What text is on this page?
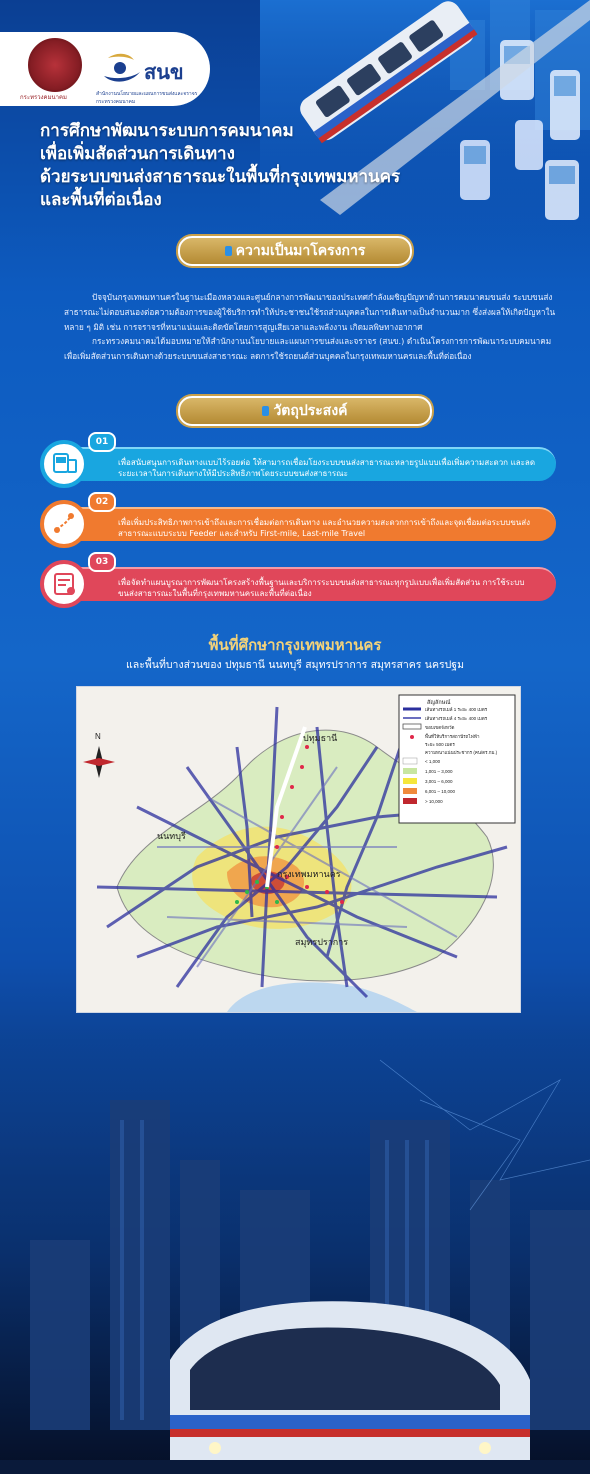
กระทรวงคมนาคม
สนข
สำนักงานนโยบายและแผนการขนส่งและจราจร กระทรวงคมนาคม
การศึกษาพัฒนาระบบการคมนาคม
เพื่อเพิ่มสัดส่วนการเดินทาง
ด้วยระบบขนส่งสาธารณะในพื้นที่กรุงเทพมหานคร
และพื้นที่ต่อเนื่อง
ความเป็นมาโครงการ
ปัจจุบันกรุงเทพมหานครในฐานะเมืองหลวงและศูนย์กลางการพัฒนาของประเทศกำลังเผชิญปัญหาด้านการคมนาคมขนส่ง ระบบขนส่งสาธารณะไม่ตอบสนองต่อความต้องการของผู้ใช้บริการทำให้ประชาชนใช้รถส่วนบุคคลในการเดินทางเป็นจำนวนมาก ซึ่งส่งผลให้เกิดปัญหาในหลาย ๆ มิติ เช่น การจราจรที่หนาแน่นและติดขัดโดยการสูญเสียเวลาและพลังงาน เกิดมลพิษทางอากาศ
กระทรวงคมนาคมได้มอบหมายให้สำนักงานนโยบายและแผนการขนส่งและจราจร (สนข.) ดำเนินโครงการการพัฒนาระบบคมนาคม เพื่อเพิ่มสัดส่วนการเดินทางด้วยระบบขนส่งสาธารณะ ลดการใช้รถยนต์ส่วนบุคคลในกรุงเทพมหานครและพื้นที่ต่อเนื่อง
วัตถุประสงค์
เพื่อสนับสนุนการเดินทางแบบไร้รอยต่อ ให้สามารถเชื่อมโยงระบบขนส่งสาธารณะหลายรูปแบบเพื่อเพิ่มความสะดวก และลดระยะเวลาในการเดินทางให้มีประสิทธิภาพโดยระบบขนส่งสาธารณะ
01
เพื่อเพิ่มประสิทธิภาพการเข้าถึงและการเชื่อมต่อการเดินทาง และอำนวยความสะดวกการเข้าถึงและจุดเชื่อมต่อระบบขนส่งสาธารณะแบบระบบ Feeder และสำหรับ First-mile, Last-mile Travel
02
เพื่อจัดทำแผนบูรณาการพัฒนาโครงสร้างพื้นฐานและบริการระบบขนส่งสาธารณะทุกรูปแบบเพื่อเพิ่มสัดส่วน การใช้ระบบขนส่งสาธารณะในพื้นที่กรุงเทพมหานครและพื้นที่ต่อเนื่อง
03
พื้นที่ศึกษากรุงเทพมหานคร
และพื้นที่บางส่วนของ ปทุมธานี นนทบุรี สมุทรปราการ สมุทรสาคร นครปฐม
N	ปทุมธานี
นนทบุรี
กรุงเทพมหานคร
สมุทรปราการ
สัญลักษณ์
เส้นทางรถเมล์ 1 ระยะ 400 เมตร
เส้นทางรถเมล์ 4 ระยะ 400 เมตร
ขอบเขตจังหวัด
พื้นที่ให้บริการสถานีรถไฟฟ้า
ระยะ 500 เมตร
ความหนาแน่นประชากร (คน/ตร.กม.)
< 1,000
1,001 – 3,000
3,001 – 6,000
6,001 – 10,000
> 10,000
